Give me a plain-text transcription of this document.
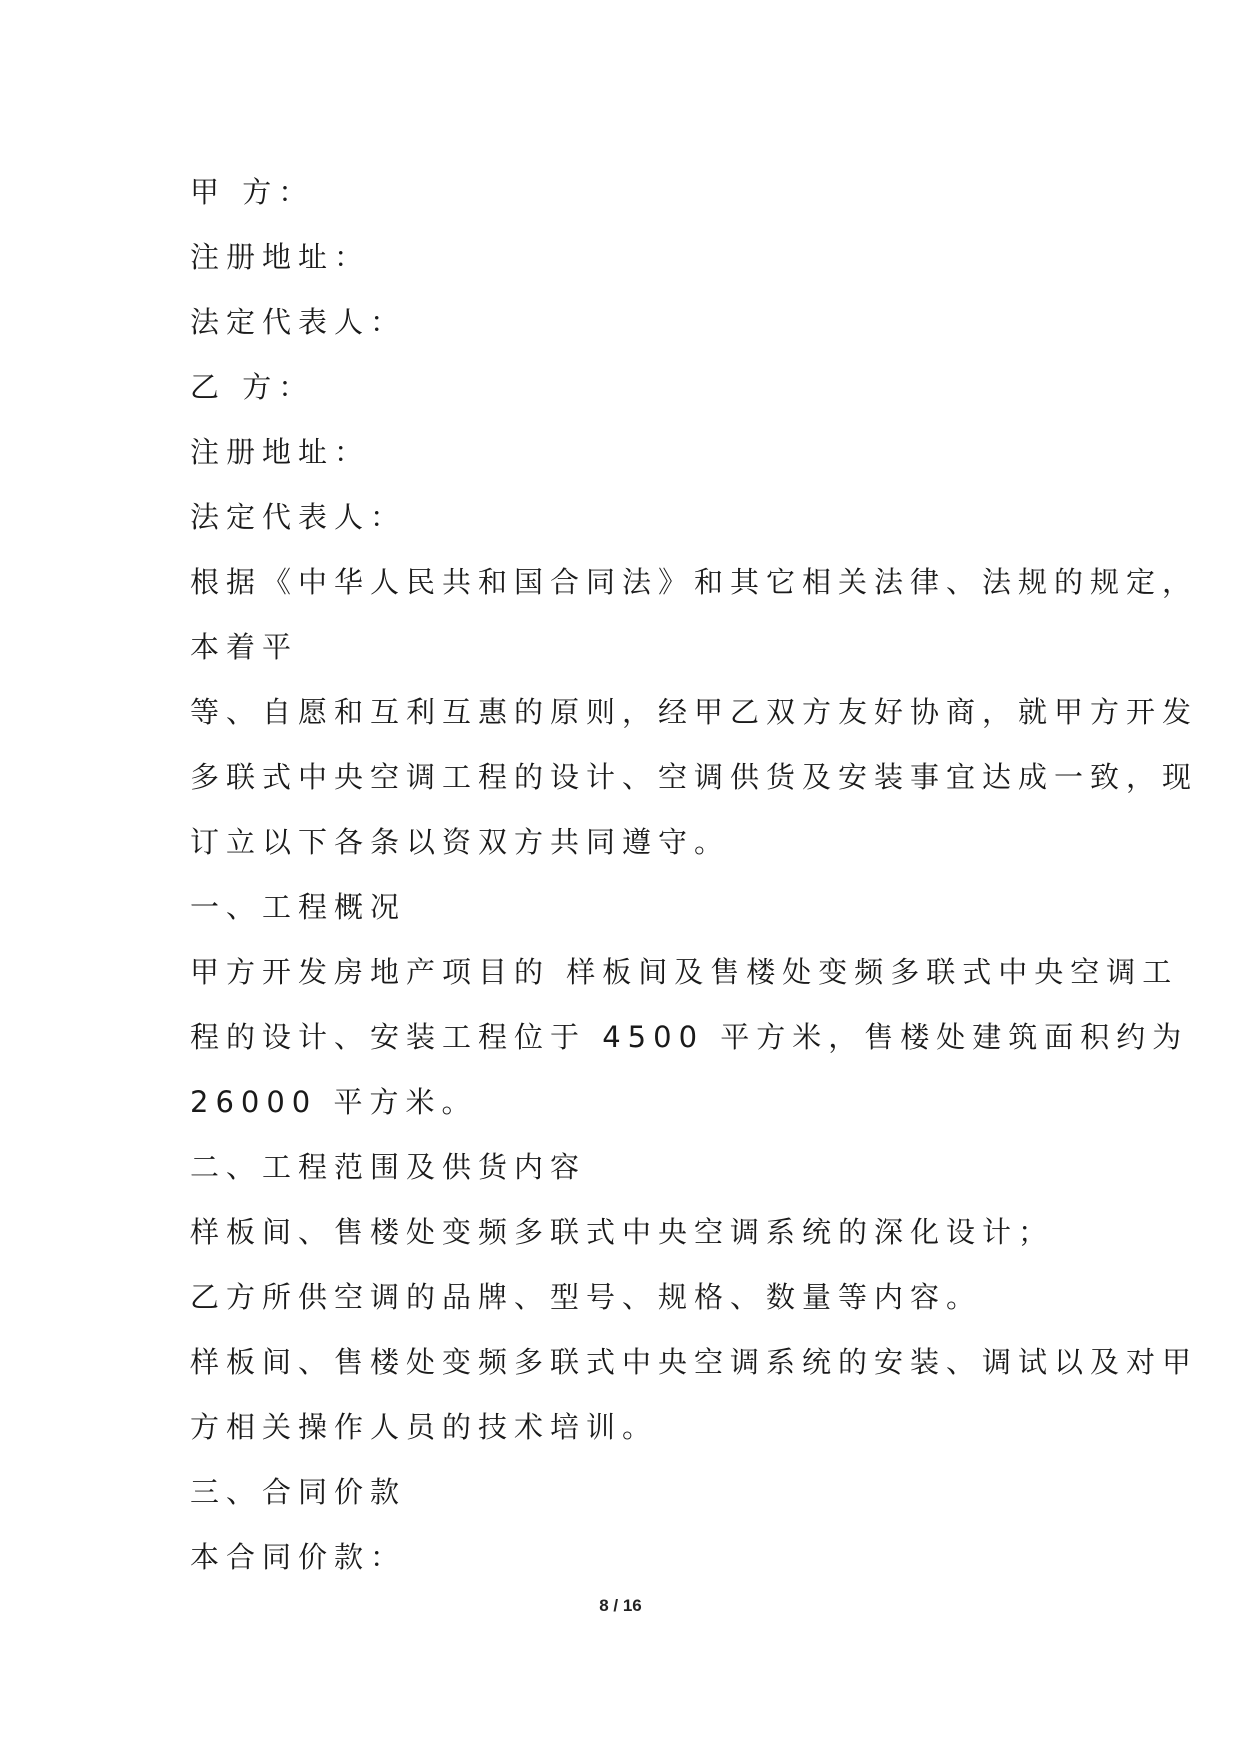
甲 方：

注册地址：

法定代表人：

乙 方：

注册地址：

法定代表人：

根据《中华人民共和国合同法》和其它相关法律、法规的规定，

本着平

等、自愿和互利互惠的原则，经甲乙双方友好协商，就甲方开发

多联式中央空调工程的设计、空调供货及安装事宜达成一致，现

订立以下各条以资双方共同遵守。

一、工程概况

甲方开发房地产项目的 样板间及售楼处变频多联式中央空调工

程的设计、安装工程位于 4500 平方米，售楼处建筑面积约为

26000 平方米。

二、工程范围及供货内容

样板间、售楼处变频多联式中央空调系统的深化设计；

乙方所供空调的品牌、型号、规格、数量等内容。

样板间、售楼处变频多联式中央空调系统的安装、调试以及对甲

方相关操作人员的技术培训。

三、合同价款

本合同价款：

8 / 16
